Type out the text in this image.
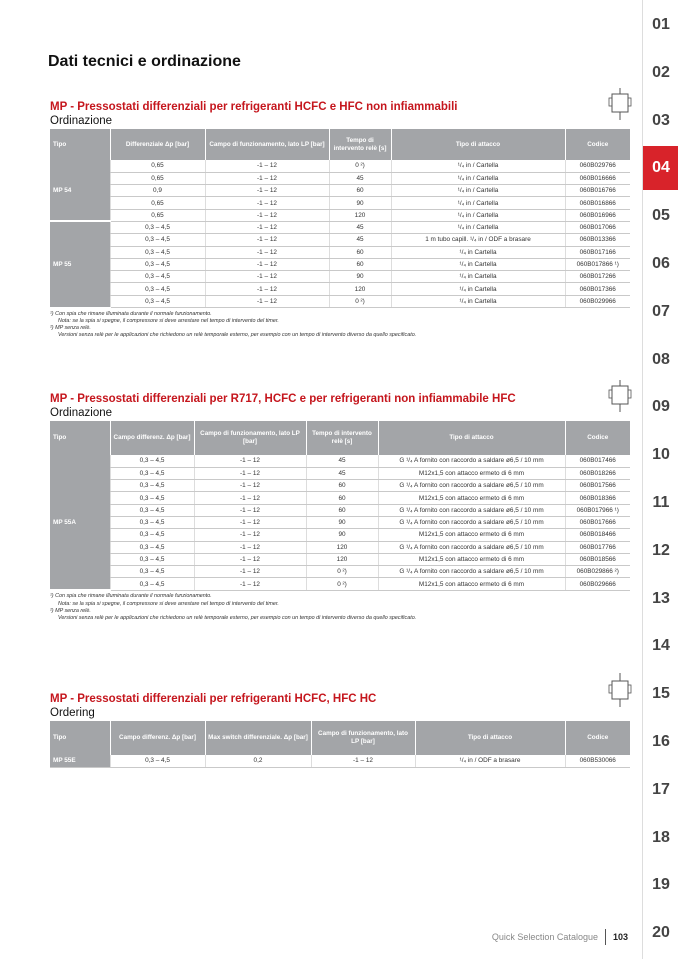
Dati tecnici e ordinazione
01
02
03
04
05
06
07
08
09
10
11
12
13
14
15
16
17
18
19
20
MP - Pressostati differenziali per refrigeranti HCFC e HFC non infiammabili
Ordinazione
Tipo	Differenziale Δp [bar]	Campo di funzionamento, lato LP [bar]	Tempo di intervento relè [s]	Tipo di attacco	Codice
MP 54	0,65	-1 – 12	0 ²)	¹/₄ in / Cartella	060B029766
	0,65	-1 – 12	45	¹/₄ in / Cartella	060B016666
	0,9	-1 – 12	60	¹/₄ in / Cartella	060B016766
	0,65	-1 – 12	90	¹/₄ in / Cartella	060B016866
	0,65	-1 – 12	120	¹/₄ in / Cartella	060B016966
MP 55	0,3 – 4,5	-1 – 12	45	¹/₄ in / Cartella	060B017066
	0,3 – 4,5	-1 – 12	45	1 m tubo capill. ¹/₄ in / ODF a brasare	060B013366
	0,3 – 4,5	-1 – 12	60	¹/₄ in Cartella	060B017166
	0,3 – 4,5	-1 – 12	60	¹/₄ in Cartella	060B017866 ¹)
	0,3 – 4,5	-1 – 12	90	¹/₄ in Cartella	060B017266
	0,3 – 4,5	-1 – 12	120	¹/₄ in Cartella	060B017366
	0,3 – 4,5	-1 – 12	0 ²)	¹/₄ in Cartella	060B029966
¹) Con spia che rimane illuminata durante il normale funzionamento.
Nota: se la spia si spegne, il compressore si deve arrestare nel tempo di intervento del timer.
²) MP senza relè.
Versioni senza relè per le applicazioni che richiedono un relè temporale esterno, per esempio con un tempo di intervento diverso da quello specificato.
MP - Pressostati differenziali per R717, HCFC e per refrigeranti non infiammabile HFC
Ordinazione
Tipo	Campo differenz. Δp [bar]	Campo di funzionamento, lato LP [bar]	Tempo di intervento relè [s]	Tipo di attacco	Codice
MP 55A	0,3 – 4,5	-1 – 12	45	G ¹/₄ A fornito con raccordo a saldare ø6,5 / 10 mm	060B017466
	0,3 – 4,5	-1 – 12	45	M12x1,5 con attacco ermeto di 6 mm	060B018266
	0,3 – 4,5	-1 – 12	60	G ¹/₄ A fornito con raccordo a saldare ø6,5 / 10 mm	060B017566
	0,3 – 4,5	-1 – 12	60	M12x1,5 con attacco ermeto di 6 mm	060B018366
	0,3 – 4,5	-1 – 12	60	G ¹/₄ A fornito con raccordo a saldare ø6,5 / 10 mm	060B017966 ¹)
	0,3 – 4,5	-1 – 12	90	G ¹/₄ A fornito con raccordo a saldare ø6,5 / 10 mm	060B017666
	0,3 – 4,5	-1 – 12	90	M12x1,5 con attacco ermeto di 6 mm	060B018466
	0,3 – 4,5	-1 – 12	120	G ¹/₄ A fornito con raccordo a saldare ø6,5 / 10 mm	060B017766
	0,3 – 4,5	-1 – 12	120	M12x1,5 con attacco ermeto di 6 mm	060B018566
	0,3 – 4,5	-1 – 12	0 ²)	G ¹/₄ A fornito con raccordo a saldare ø6,5 / 10 mm	060B029866 ²)
	0,3 – 4,5	-1 – 12	0 ²)	M12x1,5 con attacco ermeto di 6 mm	060B029666
¹) Con spia che rimane illuminata durante il normale funzionamento.
Nota: se la spia si spegne, il compressore si deve arrestare nel tempo di intervento del timer.
²) MP senza relè.
Versioni senza relè per le applicazioni che richiedono un relè temporale esterno, per esempio con un tempo di intervento diverso da quello specificato.
MP - Pressostati differenziali per refrigeranti HCFC, HFC HC
Ordering
Tipo	Campo differenz. Δp [bar]	Max switch differenziale. Δp [bar]	Campo di funzionamento, lato LP [bar]	Tipo di attacco	Codice
MP 55E	0,3 – 4,5	0,2	-1 – 12	¹/₄ in / ODF a brasare	060B530066
Quick Selection Catalogue 103
